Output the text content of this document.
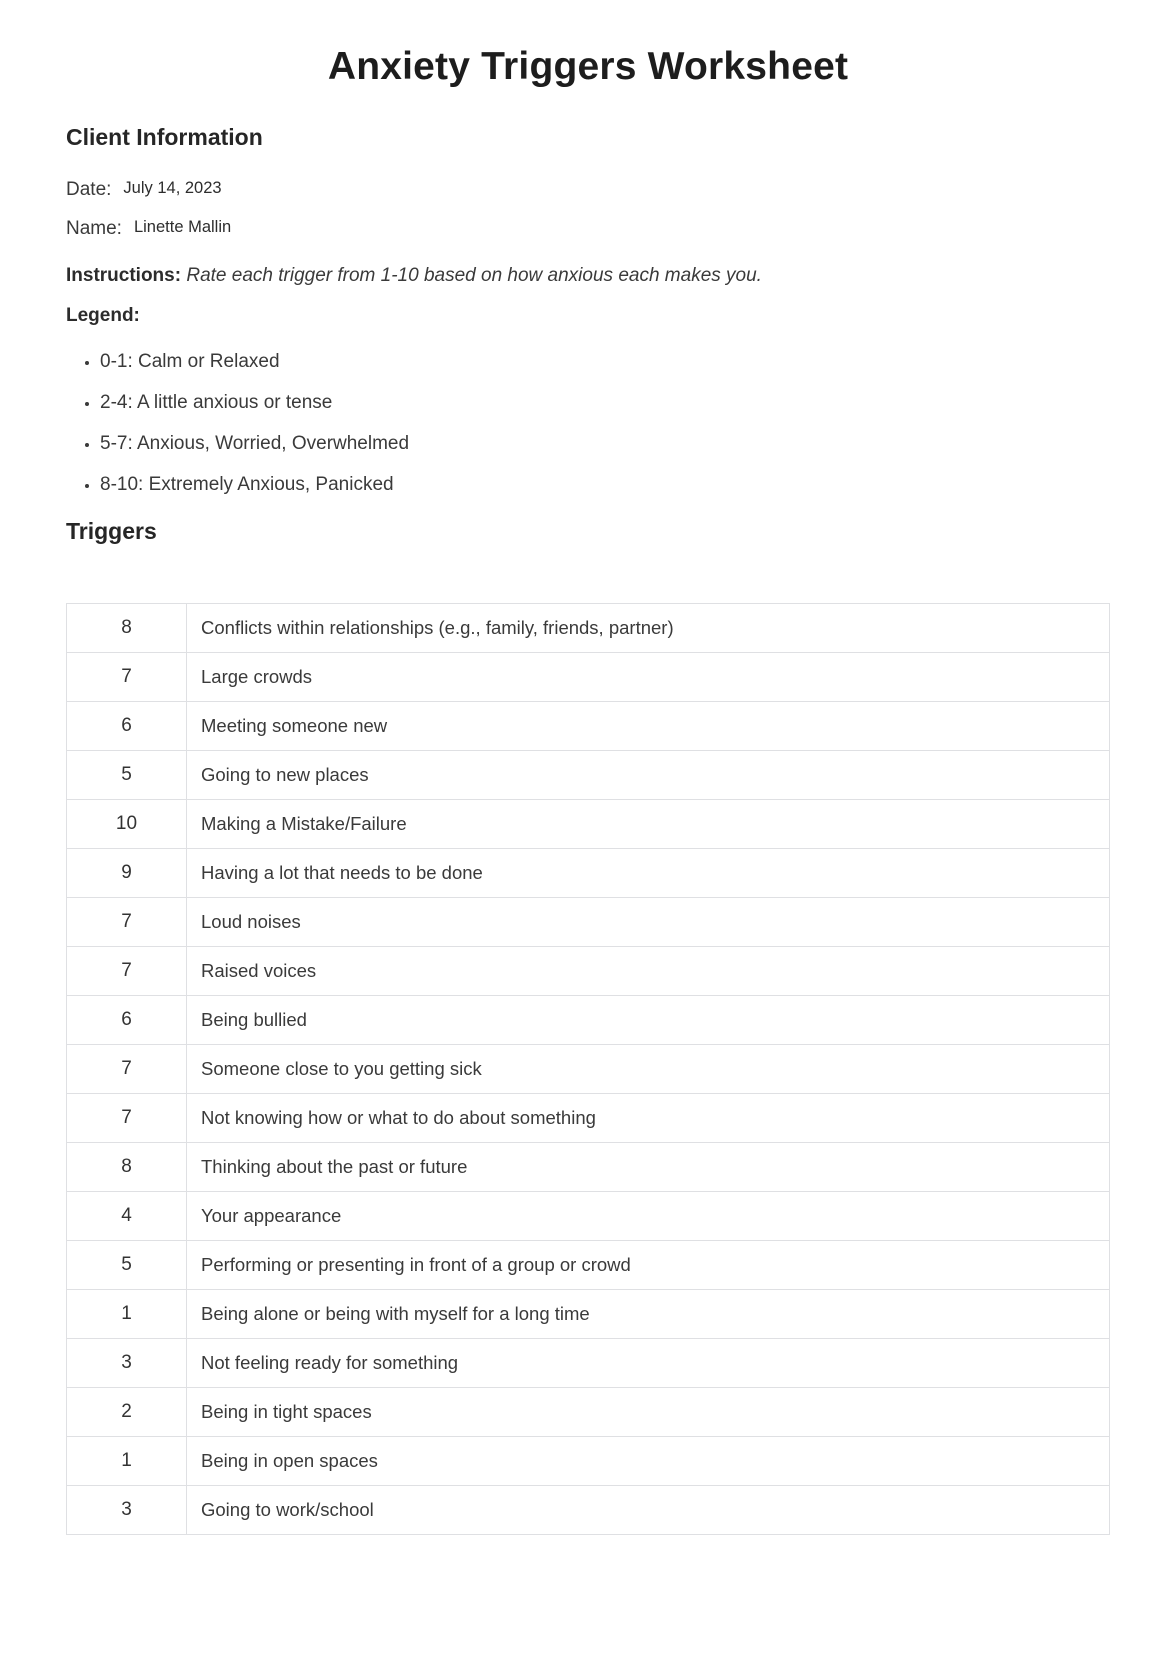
Anxiety Triggers Worksheet
Client Information

Date: July 14, 2023

Name: Linette Mallin

Instructions: Rate each trigger from 1-10 based on how anxious each makes you.

Legend:

• 0-1: Calm or Relaxed
• 2-4: A little anxious or tense
• 5-7: Anxious, Worried, Overwhelmed
• 8-10: Extremely Anxious, Panicked
Triggers
8	Conflicts within relationships (e.g., family, friends, partner)
7	Large crowds
6	Meeting someone new
5	Going to new places
10	Making a Mistake/Failure
9	Having a lot that needs to be done
7	Loud noises
7	Raised voices
6	Being bullied
7	Someone close to you getting sick
7	Not knowing how or what to do about something
8	Thinking about the past or future
4	Your appearance
5	Performing or presenting in front of a group or crowd
1	Being alone or being with myself for a long time
3	Not feeling ready for something
2	Being in tight spaces
1	Being in open spaces
3	Going to work/school
